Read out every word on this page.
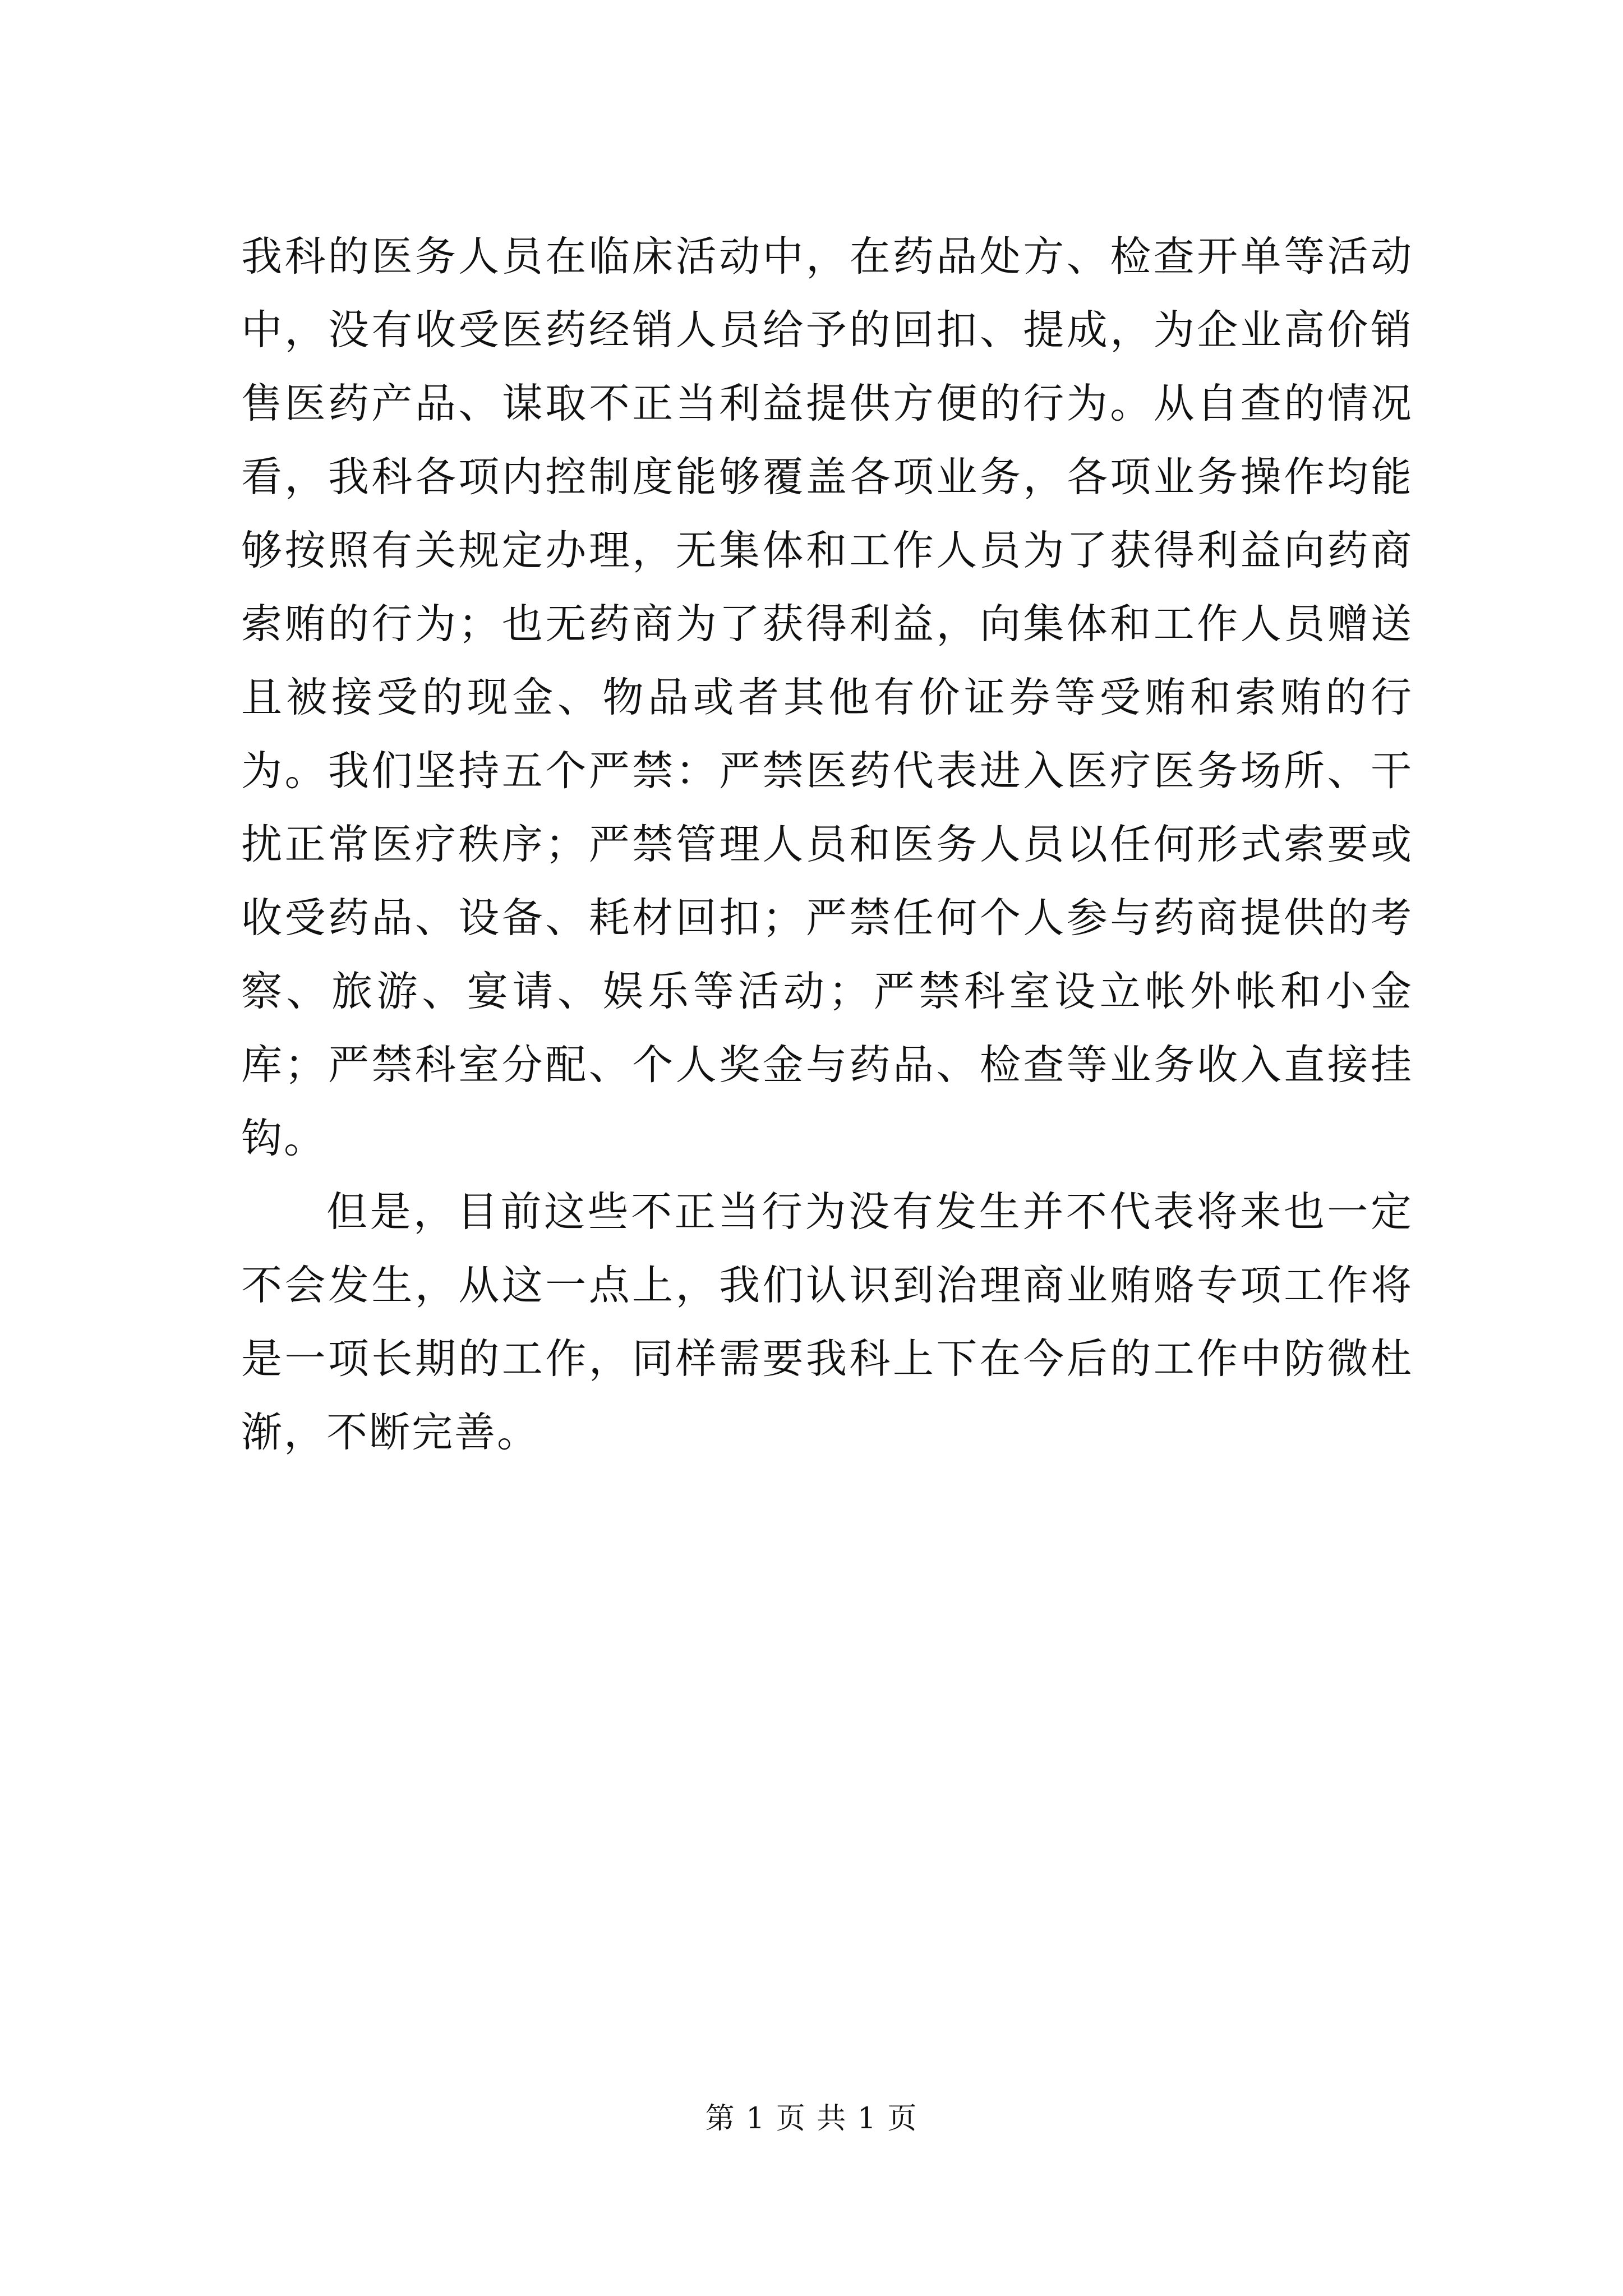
我科的医务人员在临床活动中，在药品处方、检查开单等活动中，没有收受医药经销人员给予的回扣、提成，为企业高价销售医药产品、谋取不正当利益提供方便的行为。从自查的情况看，我科各项内控制度能够覆盖各项业务，各项业务操作均能够按照有关规定办理，无集体和工作人员为了获得利益向药商索贿的行为；也无药商为了获得利益，向集体和工作人员赠送且被接受的现金、物品或者其他有价证券等受贿和索贿的行为。我们坚持五个严禁：严禁医药代表进入医疗医务场所、干扰正常医疗秩序；严禁管理人员和医务人员以任何形式索要或收受药品、设备、耗材回扣；严禁任何个人参与药商提供的考察、旅游、宴请、娱乐等活动；严禁科室设立帐外帐和小金库；严禁科室分配、个人奖金与药品、检查等业务收入直接挂钩。

但是，目前这些不正当行为没有发生并不代表将来也一定不会发生，从这一点上，我们认识到治理商业贿赂专项工作将是一项长期的工作，同样需要我科上下在今后的工作中防微杜渐，不断完善。

第 1 页 共 1 页
